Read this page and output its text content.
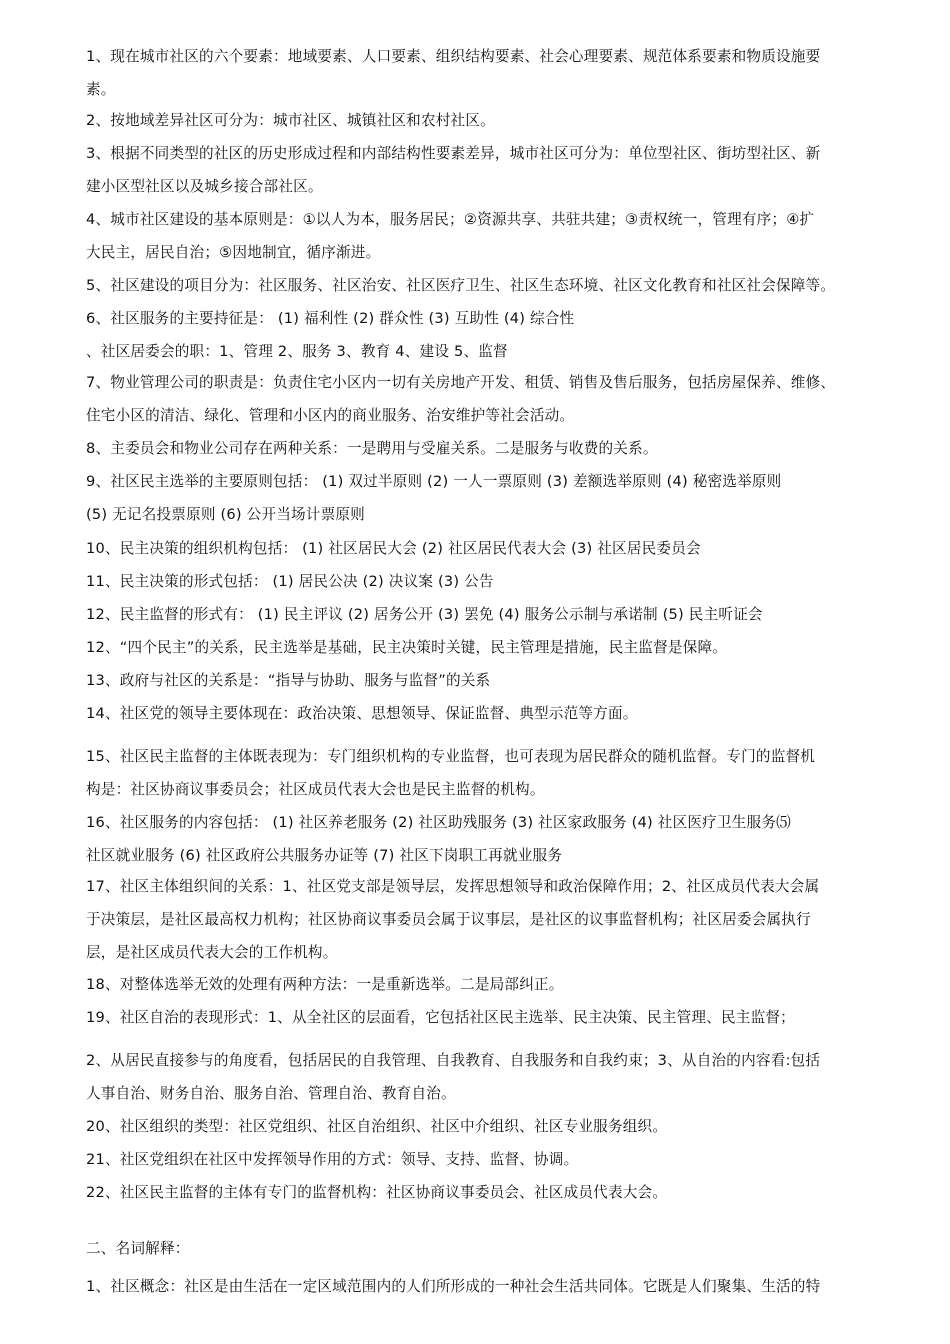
1、现在城市社区的六个要素：地域要素、人口要素、组织结构要素、社会心理要素、规范体系要素和物质设施要
素。

2、按地域差异社区可分为：城市社区、城镇社区和农村社区。

3、根据不同类型的社区的历史形成过程和内部结构性要素差异，城市社区可分为：单位型社区、街坊型社区、新
建小区型社区以及城乡接合部社区。

4、城市社区建设的基本原则是：①以人为本，服务居民；②资源共享、共驻共建；③责权统一，管理有序；④扩
大民主，居民自治；⑤因地制宜，循序渐进。

5、社区建设的项目分为：社区服务、社区治安、社区医疗卫生、社区生态环境、社区文化教育和社区社会保障等。

6、社区服务的主要持征是： (1) 福利性 (2) 群众性 (3) 互助性 (4) 综合性

、社区居委会的职：1、管理 2、服务 3、教育 4、建设 5、监督

7、物业管理公司的职责是：负责住宅小区内一切有关房地产开发、租赁、销售及售后服务，包括房屋保养、维修、
住宅小区的清洁、绿化、管理和小区内的商业服务、治安维护等社会活动。

8、主委员会和物业公司存在两种关系：一是聘用与受雇关系。二是服务与收费的关系。

9、社区民主选举的主要原则包括： (1) 双过半原则 (2) 一人一票原则 (3) 差额选举原则 (4) 秘密选举原则
(5) 无记名投票原则 (6) 公开当场计票原则

10、民主决策的组织机构包括： (1) 社区居民大会 (2) 社区居民代表大会 (3) 社区居民委员会

11、民主决策的形式包括： (1) 居民公决 (2) 决议案 (3) 公告

12、民主监督的形式有： (1) 民主评议 (2) 居务公开 (3) 罢免 (4) 服务公示制与承诺制 (5) 民主听证会

12、“四个民主”的关系，民主选举是基础，民主决策时关键，民主管理是措施，民主监督是保障。

13、政府与社区的关系是：“指导与协助、服务与监督”的关系

14、社区党的领导主要体现在：政治决策、思想领导、保证监督、典型示范等方面。

15、社区民主监督的主体既表现为：专门组织机构的专业监督，也可表现为居民群众的随机监督。专门的监督机
构是：社区协商议事委员会；社区成员代表大会也是民主监督的机构。

16、社区服务的内容包括： (1) 社区养老服务 (2) 社区助残服务 (3) 社区家政服务 (4) 社区医疗卫生服务⑸
社区就业服务 (6) 社区政府公共服务办证等 (7) 社区下岗职工再就业服务

17、社区主体组织间的关系：1、社区党支部是领导层，发挥思想领导和政治保障作用；2、社区成员代表大会属
于决策层，是社区最高权力机构；社区协商议事委员会属于议事层，是社区的议事监督机构；社区居委会属执行
层，是社区成员代表大会的工作机构。

18、对整体选举无效的处理有两种方法：一是重新选举。二是局部纠正。

19、社区自治的表现形式：1、从全社区的层面看，它包括社区民主选举、民主决策、民主管理、民主监督；

2、从居民直接参与的角度看，包括居民的自我管理、自我教育、自我服务和自我约束；3、从自治的内容看:包括
人事自治、财务自治、服务自治、管理自治、教育自治。

20、社区组织的类型：社区党组织、社区自治组织、社区中介组织、社区专业服务组织。

21、社区党组织在社区中发挥领导作用的方式：领导、支持、监督、协调。

22、社区民主监督的主体有专门的监督机构：社区协商议事委员会、社区成员代表大会。

二、名词解释：

1、社区概念：社区是由生活在一定区域范围内的人们所形成的一种社会生活共同体。它既是人们聚集、生活的特
